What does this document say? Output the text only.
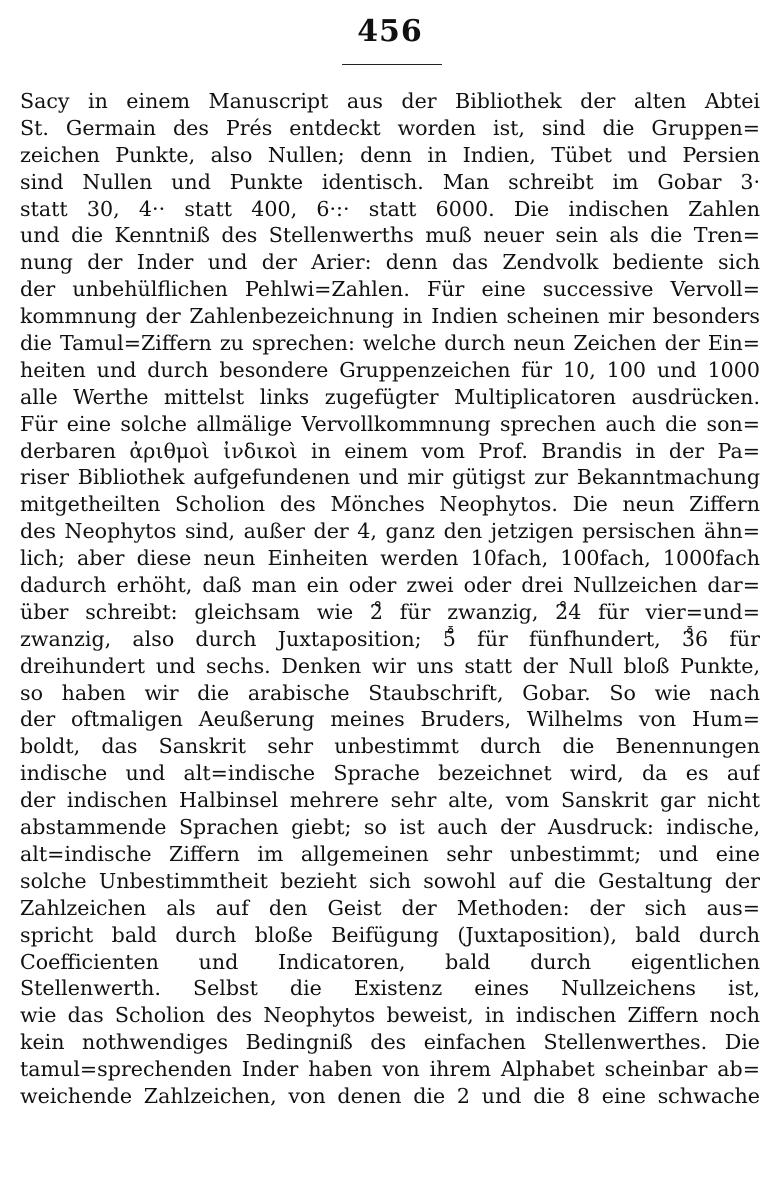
456
Sacy in einem Manuscript aus der Bibliothek der alten Abtei
St. Germain des Prés entdeckt worden ist, sind die Gruppen=
zeichen Punkte, also Nullen; denn in Indien, Tübet und Persien
sind Nullen und Punkte identisch. Man schreibt im Gobar 3·
statt 30, 4·· statt 400, 6·:· statt 6000. Die indischen Zahlen
und die Kenntniß des Stellenwerths muß neuer sein als die Tren=
nung der Inder und der Arier: denn das Zendvolk bediente sich
der unbehülflichen Pehlwi=Zahlen. Für eine successive Vervoll=
kommnung der Zahlenbezeichnung in Indien scheinen mir besonders
die Tamul=Ziffern zu sprechen: welche durch neun Zeichen der Ein=
heiten und durch besondere Gruppenzeichen für 10, 100 und 1000
alle Werthe mittelst links zugefügter Multiplicatoren ausdrücken.
Für eine solche allmälige Vervollkommnung sprechen auch die son=
derbaren ἀριθμοὶ ἰνδικοὶ in einem vom Prof. Brandis in der Pa=
riser Bibliothek aufgefundenen und mir gütigst zur Bekanntmachung
mitgetheilten Scholion des Mönches Neophytos. Die neun Ziffern
des Neophytos sind, außer der 4, ganz den jetzigen persischen ähn=
lich; aber diese neun Einheiten werden 10fach, 100fach, 1000fach
dadurch erhöht, daß man ein oder zwei oder drei Nullzeichen dar=
über schreibt: gleichsam wie 2̊ für zwanzig, 2̊4 für vier=und=
zwanzig, also durch Juxtaposition; 5̊̊ für fünfhundert, 3̊̊6 für
dreihundert und sechs. Denken wir uns statt der Null bloß Punkte,
so haben wir die arabische Staubschrift, Gobar. So wie nach
der oftmaligen Aeußerung meines Bruders, Wilhelms von Hum=
boldt, das Sanskrit sehr unbestimmt durch die Benennungen
indische und alt=indische Sprache bezeichnet wird, da es auf
der indischen Halbinsel mehrere sehr alte, vom Sanskrit gar nicht
abstammende Sprachen giebt; so ist auch der Ausdruck: indische,
alt=indische Ziffern im allgemeinen sehr unbestimmt; und eine
solche Unbestimmtheit bezieht sich sowohl auf die Gestaltung der
Zahlzeichen als auf den Geist der Methoden: der sich aus=
spricht bald durch bloße Beifügung (Juxtaposition), bald durch
Coefficienten und Indicatoren, bald durch eigentlichen
Stellenwerth. Selbst die Existenz eines Nullzeichens ist,
wie das Scholion des Neophytos beweist, in indischen Ziffern noch
kein nothwendiges Bedingniß des einfachen Stellenwerthes. Die
tamul=sprechenden Inder haben von ihrem Alphabet scheinbar ab=
weichende Zahlzeichen, von denen die 2 und die 8 eine schwache
